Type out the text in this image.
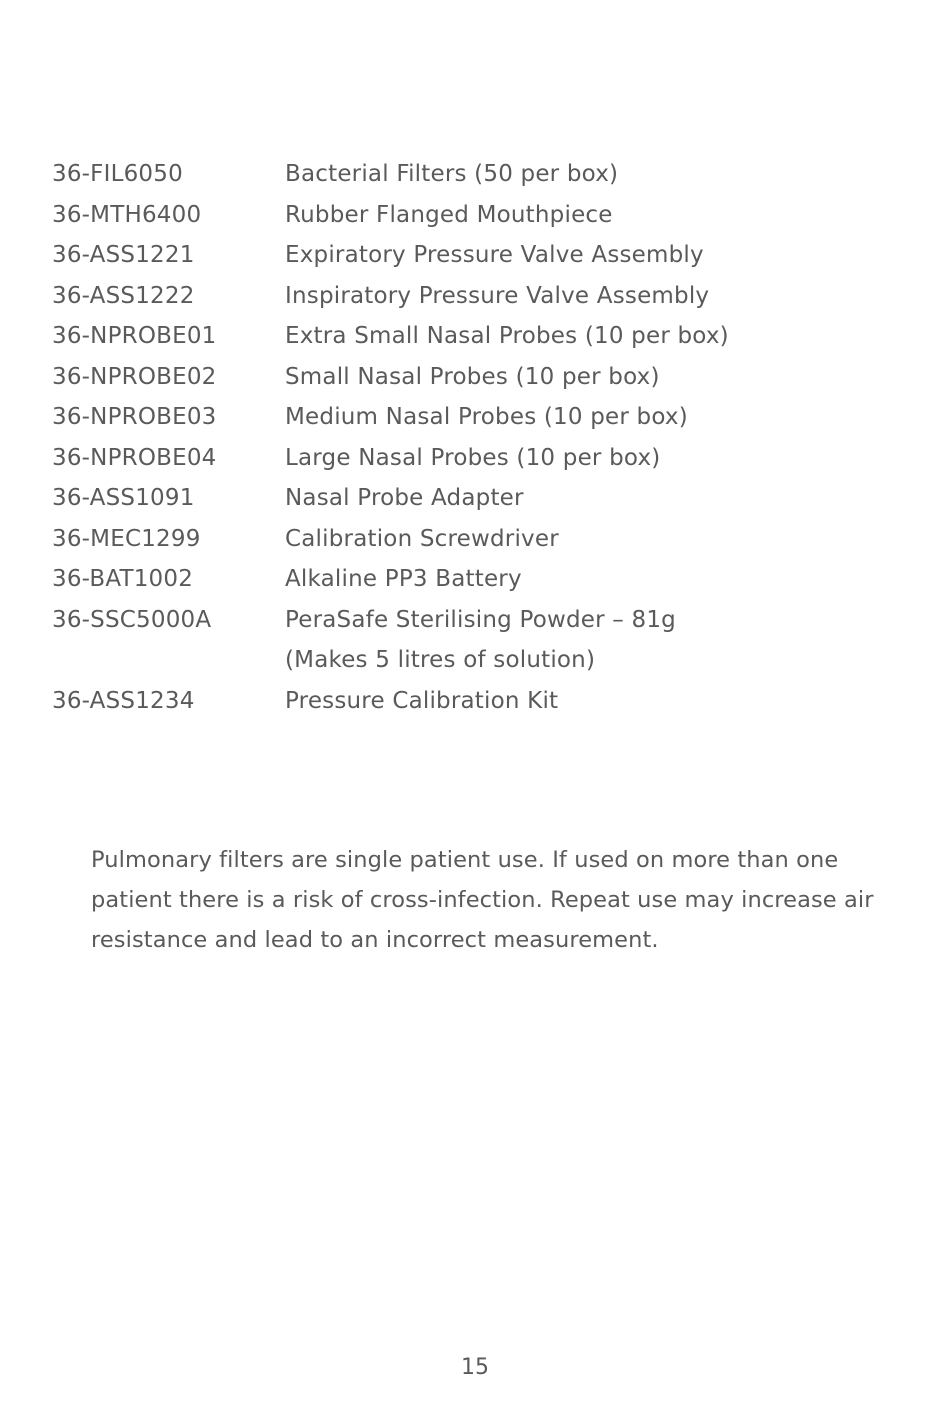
36-FIL6050	Bacterial Filters (50 per box)
36-MTH6400	Rubber Flanged Mouthpiece
36-ASS1221	Expiratory Pressure Valve Assembly
36-ASS1222	Inspiratory Pressure Valve Assembly
36-NPROBE01	Extra Small Nasal Probes (10 per box)
36-NPROBE02	Small Nasal Probes (10 per box)
36-NPROBE03	Medium Nasal Probes (10 per box)
36-NPROBE04	Large Nasal Probes (10 per box)
36-ASS1091	Nasal Probe Adapter
36-MEC1299	Calibration Screwdriver
36-BAT1002	Alkaline PP3 Battery
36-SSC5000A	PeraSafe Sterilising Powder – 81g
(Makes 5 litres of solution)
36-ASS1234	Pressure Calibration Kit

Pulmonary filters are single patient use. If used on more than one patient there is a risk of cross-infection. Repeat use may increase air resistance and lead to an incorrect measurement.

15
